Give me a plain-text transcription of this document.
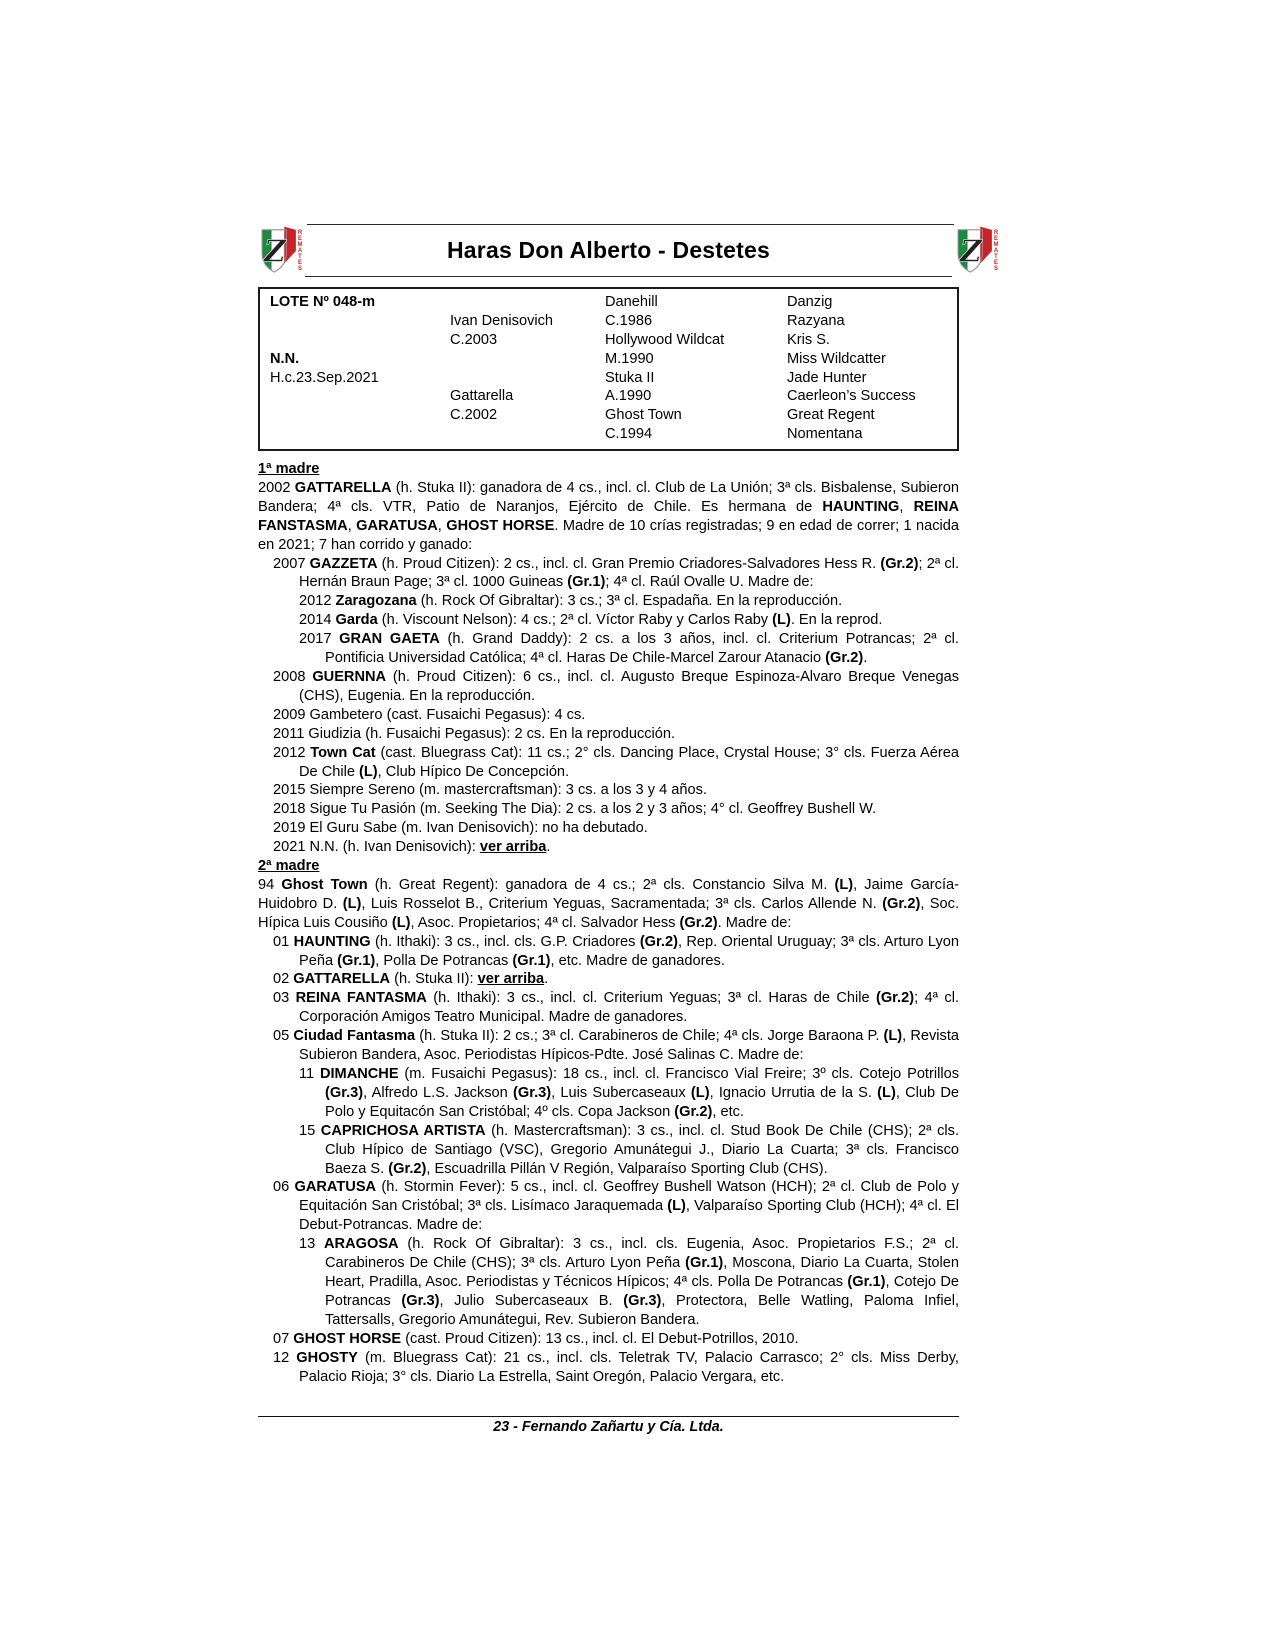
Z REMATES	Haras Don Alberto - Destetes	Z REMATES
LOTE Nº 048-m
N.N.
H.c.23.Sep.2021
Ivan Denisovich
C.2003
Gattarella
C.2002
Danehill
C.1986
Hollywood Wildcat
M.1990
Stuka II
A.1990
Ghost Town
C.1994
Danzig
Razyana
Kris S.
Miss Wildcatter
Jade Hunter
Caerleon’s Success
Great Regent
Nomentana
1ª madre
2002 GATTARELLA (h. Stuka II): ganadora de 4 cs., incl. cl. Club de La Unión; 3ª cls. Bisbalense, Subieron Bandera; 4ª cls. VTR, Patio de Naranjos, Ejército de Chile. Es hermana de HAUNTING, REINA FANSTASMA, GARATUSA, GHOST HORSE. Madre de 10 crías registradas; 9 en edad de correr; 1 nacida en 2021; 7 han corrido y ganado:
2007 GAZZETA (h. Proud Citizen): 2 cs., incl. cl. Gran Premio Criadores-Salvadores Hess R. (Gr.2); 2ª cl. Hernán Braun Page; 3ª cl. 1000 Guineas (Gr.1); 4ª cl. Raúl Ovalle U. Madre de:
2012 Zaragozana (h. Rock Of Gibraltar): 3 cs.; 3ª cl. Espadaña. En la reproducción.
2014 Garda (h. Viscount Nelson): 4 cs.; 2ª cl. Víctor Raby y Carlos Raby (L). En la reprod.
2017 GRAN GAETA (h. Grand Daddy): 2 cs. a los 3 años, incl. cl. Criterium Potrancas; 2ª cl. Pontificia Universidad Católica; 4ª cl. Haras De Chile-Marcel Zarour Atanacio (Gr.2).
2008 GUERNNA (h. Proud Citizen): 6 cs., incl. cl. Augusto Breque Espinoza-Alvaro Breque Venegas (CHS), Eugenia. En la reproducción.
2009 Gambetero (cast. Fusaichi Pegasus): 4 cs.
2011 Giudizia (h. Fusaichi Pegasus): 2 cs. En la reproducción.
2012 Town Cat (cast. Bluegrass Cat): 11 cs.; 2° cls. Dancing Place, Crystal House; 3° cls. Fuerza Aérea De Chile (L), Club Hípico De Concepción.
2015 Siempre Sereno (m. mastercraftsman): 3 cs. a los 3 y 4 años.
2018 Sigue Tu Pasión (m. Seeking The Dia): 2 cs. a los 2 y 3 años; 4° cl. Geoffrey Bushell W.
2019 El Guru Sabe (m. Ivan Denisovich): no ha debutado.
2021 N.N. (h. Ivan Denisovich): ver arriba.
2ª madre
94 Ghost Town (h. Great Regent): ganadora de 4 cs.; 2ª cls. Constancio Silva M. (L), Jaime García-Huidobro D. (L), Luis Rosselot B., Criterium Yeguas, Sacramentada; 3ª cls. Carlos Allende N. (Gr.2), Soc. Hípica Luis Cousiño (L), Asoc. Propietarios; 4ª cl. Salvador Hess (Gr.2). Madre de:
01 HAUNTING (h. Ithaki): 3 cs., incl. cls. G.P. Criadores (Gr.2), Rep. Oriental Uruguay; 3ª cls. Arturo Lyon Peña (Gr.1), Polla De Potrancas (Gr.1), etc. Madre de ganadores.
02 GATTARELLA (h. Stuka II): ver arriba.
03 REINA FANTASMA (h. Ithaki): 3 cs., incl. cl. Criterium Yeguas; 3ª cl. Haras de Chile (Gr.2); 4ª cl. Corporación Amigos Teatro Municipal. Madre de ganadores.
05 Ciudad Fantasma (h. Stuka II): 2 cs.; 3ª cl. Carabineros de Chile; 4ª cls. Jorge Baraona P. (L), Revista Subieron Bandera, Asoc. Periodistas Hípicos-Pdte. José Salinas C. Madre de:
11 DIMANCHE (m. Fusaichi Pegasus): 18 cs., incl. cl. Francisco Vial Freire; 3º cls. Cotejo Potrillos (Gr.3), Alfredo L.S. Jackson (Gr.3), Luis Subercaseaux (L), Ignacio Urrutia de la S. (L), Club De Polo y Equitacón San Cristóbal; 4º cls. Copa Jackson (Gr.2), etc.
15 CAPRICHOSA ARTISTA (h. Mastercraftsman): 3 cs., incl. cl. Stud Book De Chile (CHS); 2ª cls. Club Hípico de Santiago (VSC), Gregorio Amunátegui J., Diario La Cuarta; 3ª cls. Francisco Baeza S. (Gr.2), Escuadrilla Pillán V Región, Valparaíso Sporting Club (CHS).
06 GARATUSA (h. Stormin Fever): 5 cs., incl. cl. Geoffrey Bushell Watson (HCH); 2ª cl. Club de Polo y Equitación San Cristóbal; 3ª cls. Lisímaco Jaraquemada (L), Valparaíso Sporting Club (HCH); 4ª cl. El Debut-Potrancas. Madre de:
13 ARAGOSA (h. Rock Of Gibraltar): 3 cs., incl. cls. Eugenia, Asoc. Propietarios F.S.; 2ª cl. Carabineros De Chile (CHS); 3ª cls. Arturo Lyon Peña (Gr.1), Moscona, Diario La Cuarta, Stolen Heart, Pradilla, Asoc. Periodistas y Técnicos Hípicos; 4ª cls. Polla De Potrancas (Gr.1), Cotejo De Potrancas (Gr.3), Julio Subercaseaux B. (Gr.3), Protectora, Belle Watling, Paloma Infiel, Tattersalls, Gregorio Amunátegui, Rev. Subieron Bandera.
07 GHOST HORSE (cast. Proud Citizen): 13 cs., incl. cl. El Debut-Potrillos, 2010.
12 GHOSTY (m. Bluegrass Cat): 21 cs., incl. cls. Teletrak TV, Palacio Carrasco; 2° cls. Miss Derby, Palacio Rioja; 3° cls. Diario La Estrella, Saint Oregón, Palacio Vergara, etc.
23 - Fernando Zañartu y Cía. Ltda.
